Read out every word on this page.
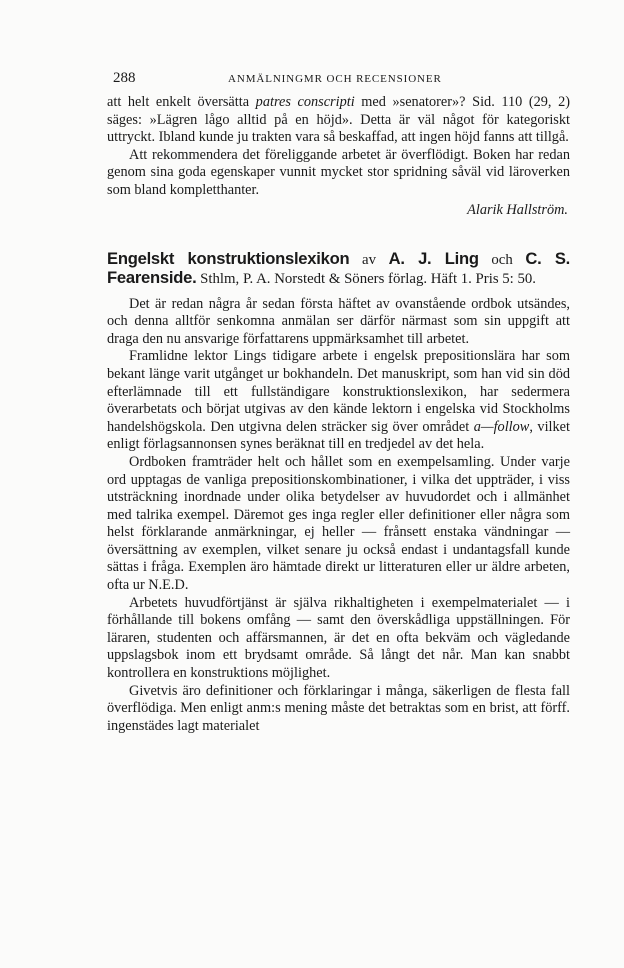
288	ANMÄLNINGMR OCH RECENSIONER

att helt enkelt översätta patres conscripti med »senatorer»? Sid. 110 (29, 2) säges: »Lägren lågo alltid på en höjd». Detta är väl något för kategoriskt uttryckt. Ibland kunde ju trakten vara så beskaffad, att ingen höjd fanns att tillgå.

Att rekommendera det föreliggande arbetet är överflödigt. Boken har redan genom sina goda egenskaper vunnit mycket stor spridning såväl vid läroverken som bland kompletthanter.

Alarik Hallström.
Engelskt konstruktionslexikon av A. J. Ling och C. S. Fearenside. Sthlm, P. A. Norstedt & Söners förlag. Häft 1. Pris 5: 50.

Det är redan några år sedan första häftet av ovanstående ordbok utsändes, och denna alltför senkomna anmälan ser därför närmast som sin uppgift att draga den nu ansvarige författarens uppmärksamhet till arbetet.

Framlidne lektor Lings tidigare arbete i engelsk prepositionslära har som bekant länge varit utgånget ur bokhandeln. Det manuskript, som han vid sin död efterlämnade till ett fullständigare konstruktionslexikon, har sedermera överarbetats och börjat utgivas av den kände lektorn i engelska vid Stockholms handelshögskola. Den utgivna delen sträcker sig över området a—follow, vilket enligt förlagsannonsen synes beräknat till en tredjedel av det hela.

Ordboken framträder helt och hållet som en exempelsamling. Under varje ord upptagas de vanliga prepositionskombinationer, i vilka det uppträder, i viss utsträckning inordnade under olika betydelser av huvudordet och i allmänhet med talrika exempel. Däremot ges inga regler eller definitioner eller några som helst förklarande anmärkningar, ej heller — frånsett enstaka vändningar — översättning av exemplen, vilket senare ju också endast i undantagsfall kunde sättas i fråga. Exemplen äro hämtade direkt ur litteraturen eller ur äldre arbeten, ofta ur N.E.D.

Arbetets huvudförtjänst är själva rikhaltigheten i exempelmaterialet — i förhållande till bokens omfång — samt den överskådliga uppställningen. För läraren, studenten och affärsmannen, är det en ofta bekväm och vägledande uppslagsbok inom ett brydsamt område. Så långt det når. Man kan snabbt kontrollera en konstruktions möjlighet.

Givetvis äro definitioner och förklaringar i många, säkerligen de flesta fall överflödiga. Men enligt anm:s mening måste det betraktas som en brist, att förff. ingenstädes lagt materialet
